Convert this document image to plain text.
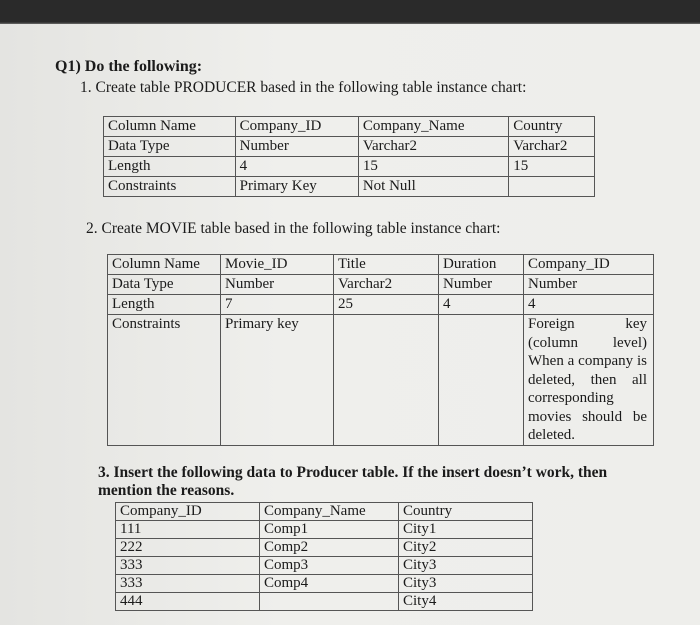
Q1) Do the following:
1. Create table PRODUCER based in the following table instance chart:
Column Name	Company_ID	Company_Name	Country
Data Type	Number	Varchar2	Varchar2
Length	4	15	15
Constraints	Primary Key	Not Null	
2. Create MOVIE table based in the following table instance chart:
Column Name	Movie_ID	Title	Duration	Company_ID
Data Type	Number	Varchar2	Number	Number
Length	7	25	4	4
Constraints	Primary key			Foreign key
(column level) When a company is deleted, then all corresponding movies should be deleted.
3. Insert the following data to Producer table. If the insert doesn’t work, then mention the reasons.
Company_ID	Company_Name	Country
111	Comp1	City1
222	Comp2	City2
333	Comp3	City3
333	Comp4	City3
444		City4
